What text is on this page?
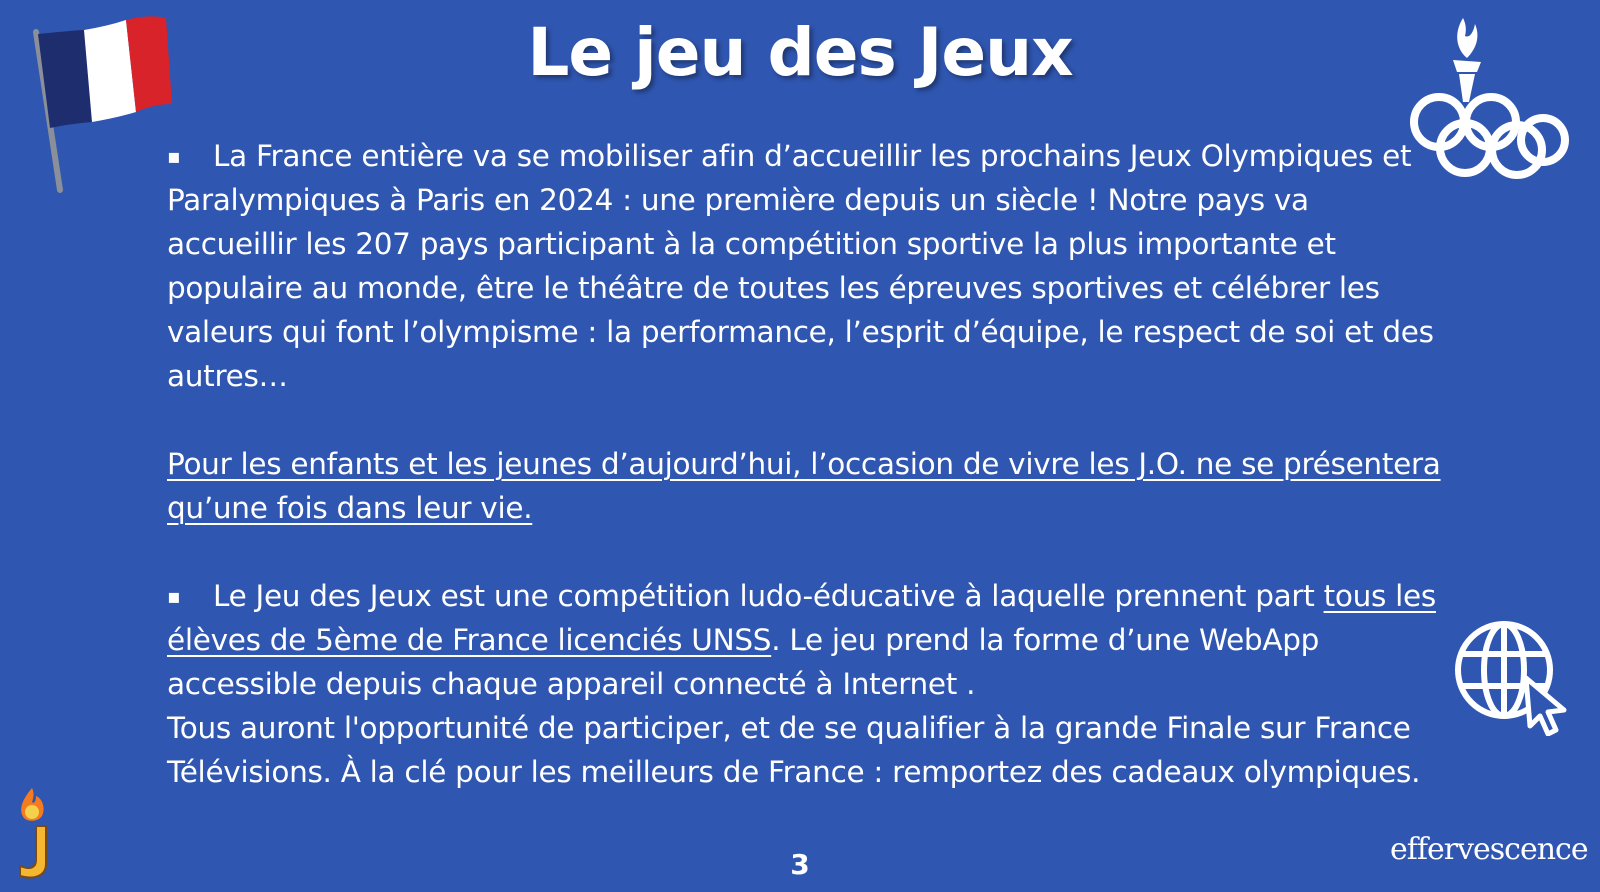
Le jeu des Jeux

▪ La France entière va se mobiliser afin d’accueillir les prochains Jeux Olympiques et Paralympiques à Paris en 2024 : une première depuis un siècle ! Notre pays va accueillir les 207 pays participant à la compétition sportive la plus importante et populaire au monde, être le théâtre de toutes les épreuves sportives et célébrer les valeurs qui font l’olympisme : la performance, l’esprit d’équipe, le respect de soi et des autres…

Pour les enfants et les jeunes d’aujourd’hui, l’occasion de vivre les J.O. ne se présentera qu’une fois dans leur vie.

▪ Le Jeu des Jeux est une compétition ludo-éducative à laquelle prennent part tous les élèves de 5ème de France licenciés UNSS. Le jeu prend la forme d’une WebApp accessible depuis chaque appareil connecté à Internet .
Tous auront l'opportunité de participer, et de se qualifier à la grande Finale sur France Télévisions. À la clé pour les meilleurs de France : remportez des cadeaux olympiques.

3	effervescence
